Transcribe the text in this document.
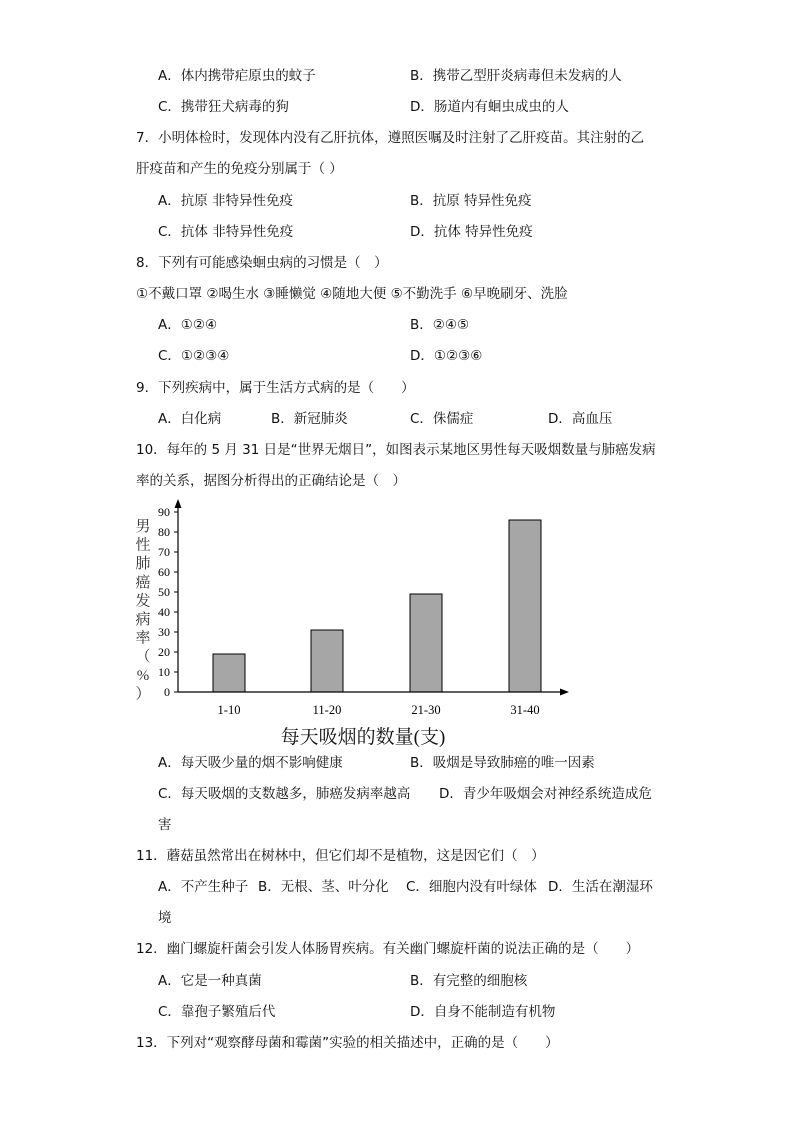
A．体内携带疟原虫的蚊子	B．携带乙型肝炎病毒但未发病的人
C．携带狂犬病毒的狗	D．肠道内有蛔虫成虫的人
7．小明体检时，发现体内没有乙肝抗体，遵照医嘱及时注射了乙肝疫苗。其注射的乙
肝疫苗和产生的免疫分别属于（ ）
A．抗原 非特异性免疫	B．抗原 特异性免疫
C．抗体 非特异性免疫	D．抗体 特异性免疫
8．下列有可能感染蛔虫病的习惯是（　）
①不戴口罩 ②喝生水 ③睡懒觉 ④随地大便 ⑤不勤洗手 ⑥早晚刷牙、洗脸
A．①②④	B．②④⑤
C．①②③④	D．①②③⑥
9．下列疾病中，属于生活方式病的是（　　）
A．白化病	B．新冠肺炎	C．侏儒症	D．高血压
10．每年的 5 月 31 日是“世界无烟日”，如图表示某地区男性每天吸烟数量与肺癌发病
率的关系，据图分析得出的正确结论是（　）
男
性
肺
癌
发
病
率
（
%
） 0
10
20
30
40
50
60
70
80
90
1-10	11-20	21-30	31-40
每天吸烟的数量(支)
A．每天吸少量的烟不影响健康	B．吸烟是导致肺癌的唯一因素
C．每天吸烟的支数越多，肺癌发病率越高 D．青少年吸烟会对神经系统造成危
害
11．蘑菇虽然常出在树林中，但它们却不是植物，这是因它们（　）
A．不产生种子 B．无根、茎、叶分化 C．细胞内没有叶绿体 D．生活在潮湿环
境
12．幽门螺旋杆菌会引发人体肠胃疾病。有关幽门螺旋杆菌的说法正确的是（　　）
A．它是一种真菌	B．有完整的细胞核
C．靠孢子繁殖后代	D．自身不能制造有机物
13．下列对“观察酵母菌和霉菌”实验的相关描述中，正确的是（　　）
